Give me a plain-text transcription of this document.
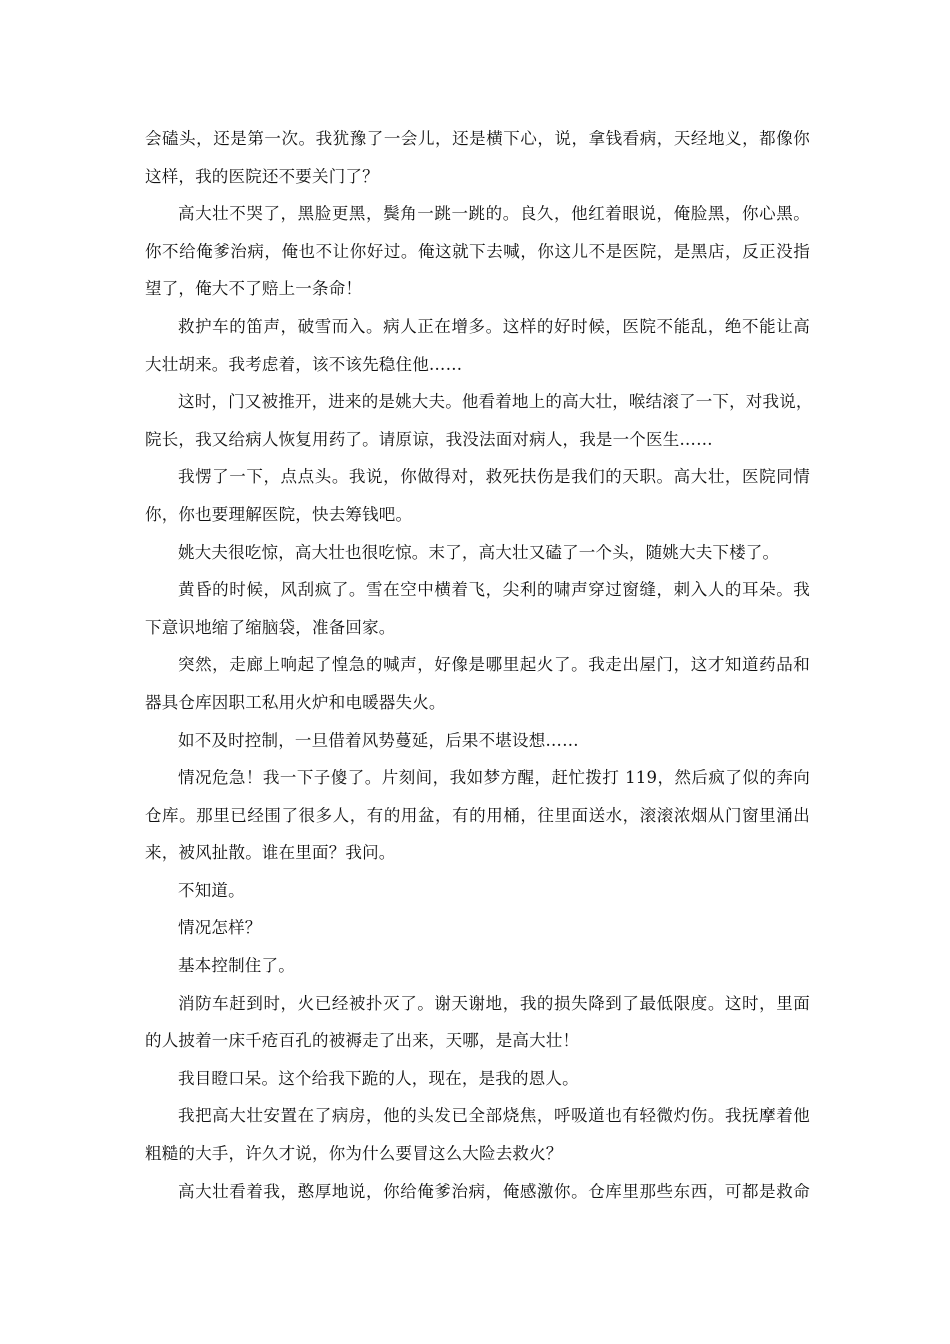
会磕头，还是第一次。我犹豫了一会儿，还是横下心，说，拿钱看病，天经地义，都像你
这样，我的医院还不要关门了？
高大壮不哭了，黑脸更黑，鬓角一跳一跳的。良久，他红着眼说，俺脸黑，你心黑。
你不给俺爹治病，俺也不让你好过。俺这就下去喊，你这儿不是医院，是黑店，反正没指
望了，俺大不了赔上一条命！
救护车的笛声，破雪而入。病人正在增多。这样的好时候，医院不能乱，绝不能让高
大壮胡来。我考虑着，该不该先稳住他……
这时，门又被推开，进来的是姚大夫。他看着地上的高大壮，喉结滚了一下，对我说，
院长，我又给病人恢复用药了。请原谅，我没法面对病人，我是一个医生……
我愣了一下，点点头。我说，你做得对，救死扶伤是我们的天职。高大壮，医院同情
你，你也要理解医院，快去筹钱吧。
姚大夫很吃惊，高大壮也很吃惊。末了，高大壮又磕了一个头，随姚大夫下楼了。
黄昏的时候，风刮疯了。雪在空中横着飞，尖利的啸声穿过窗缝，刺入人的耳朵。我
下意识地缩了缩脑袋，准备回家。
突然，走廊上响起了惶急的喊声，好像是哪里起火了。我走出屋门，这才知道药品和
器具仓库因职工私用火炉和电暖器失火。
如不及时控制，一旦借着风势蔓延，后果不堪设想……
情况危急！我一下子傻了。片刻间，我如梦方醒，赶忙拨打 119，然后疯了似的奔向
仓库。那里已经围了很多人，有的用盆，有的用桶，往里面送水，滚滚浓烟从门窗里涌出
来，被风扯散。谁在里面？我问。
不知道。
情况怎样？
基本控制住了。
消防车赶到时，火已经被扑灭了。谢天谢地，我的损失降到了最低限度。这时，里面
的人披着一床千疮百孔的被褥走了出来，天哪，是高大壮！
我目瞪口呆。这个给我下跪的人，现在，是我的恩人。
我把高大壮安置在了病房，他的头发已全部烧焦，呼吸道也有轻微灼伤。我抚摩着他
粗糙的大手，许久才说，你为什么要冒这么大险去救火？
高大壮看着我，憨厚地说，你给俺爹治病，俺感激你。仓库里那些东西，可都是救命
